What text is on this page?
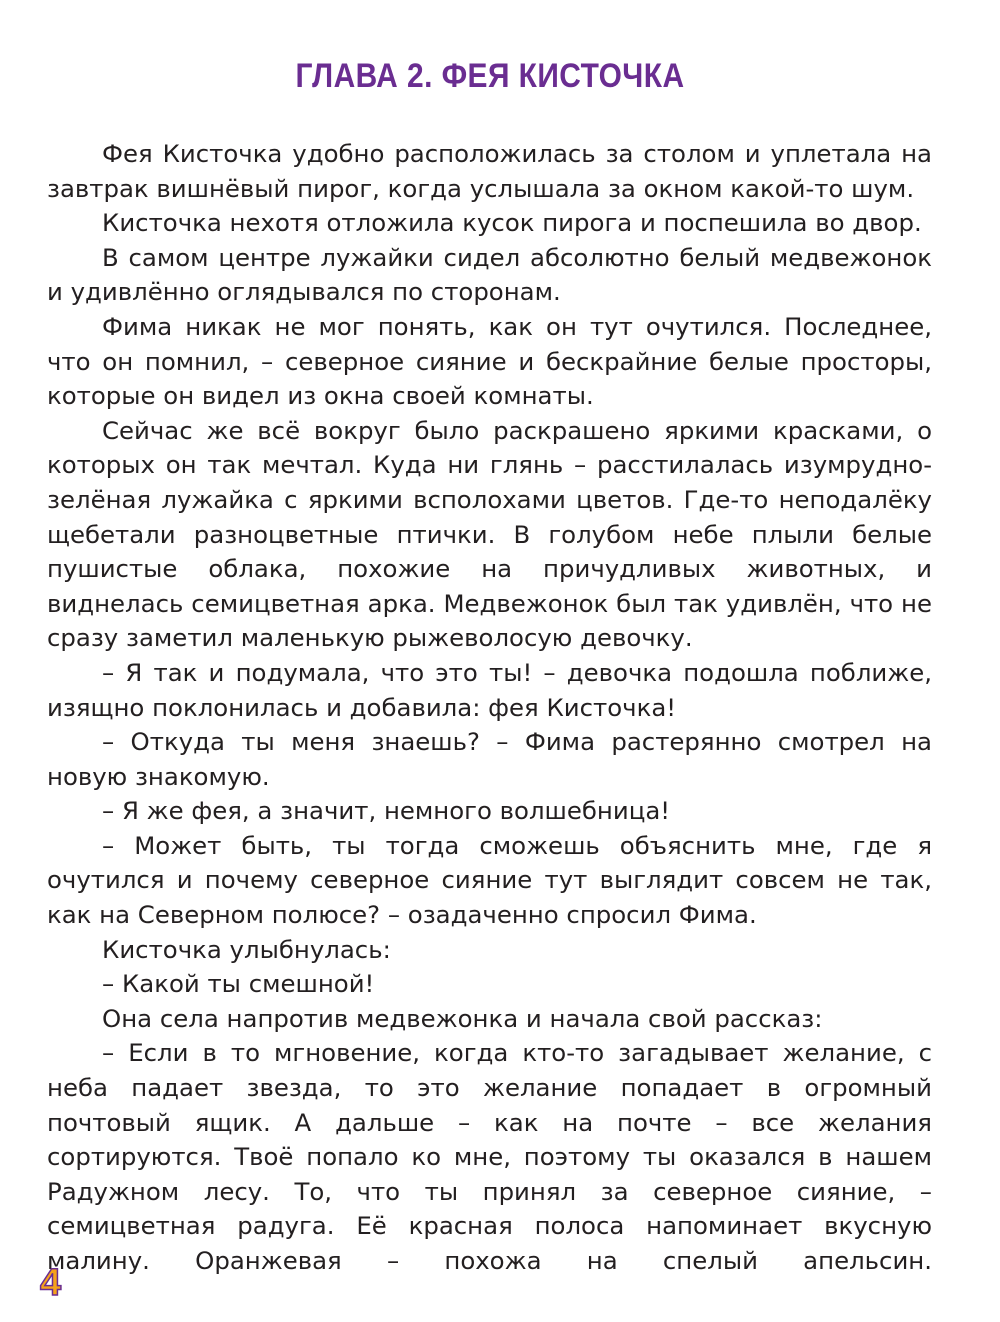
ГЛАВА 2. ФЕЯ КИСТОЧКА

Фея Кисточка удобно расположилась за столом и уплетала на завтрак вишнёвый пирог, когда услышала за окном какой-то шум.

Кисточка нехотя отложила кусок пирога и поспешила во двор.

В самом центре лужайки сидел абсолютно белый медвежонок и удивлённо оглядывался по сторонам.

Фима никак не мог понять, как он тут очутился. Последнее, что он помнил, – северное сияние и бескрайние белые просторы, которые он видел из окна своей комнаты.

Сейчас же всё вокруг было раскрашено яркими красками, о которых он так мечтал. Куда ни глянь – расстилалась изумрудно-зелёная лужайка с яркими всполохами цветов. Где-то неподалёку щебетали разноцветные птички. В голубом небе плыли белые пушистые облака, похожие на причудливых животных, и виднелась семицветная арка. Медвежонок был так удивлён, что не сразу заметил маленькую рыжеволосую девочку.

– Я так и подумала, что это ты! – девочка подошла поближе, изящно поклонилась и добавила: фея Кисточка!

– Откуда ты меня знаешь? – Фима растерянно смотрел на новую знакомую.

– Я же фея, а значит, немного волшебница!

– Может быть, ты тогда сможешь объяснить мне, где я очутился и почему северное сияние тут выглядит совсем не так, как на Северном полюсе? – озадаченно спросил Фима.

Кисточка улыбнулась:

– Какой ты смешной!

Она села напротив медвежонка и начала свой рассказ:

– Если в то мгновение, когда кто-то загадывает желание, с неба падает звезда, то это желание попадает в огромный почтовый ящик. А дальше – как на почте – все желания сортируются. Твоё попало ко мне, поэтому ты оказался в нашем Радужном лесу. То, что ты принял за северное сияние, – семицветная радуга. Её красная полоса напоминает вкусную малину. Оранжевая – похожа на спелый апельсин.

4
